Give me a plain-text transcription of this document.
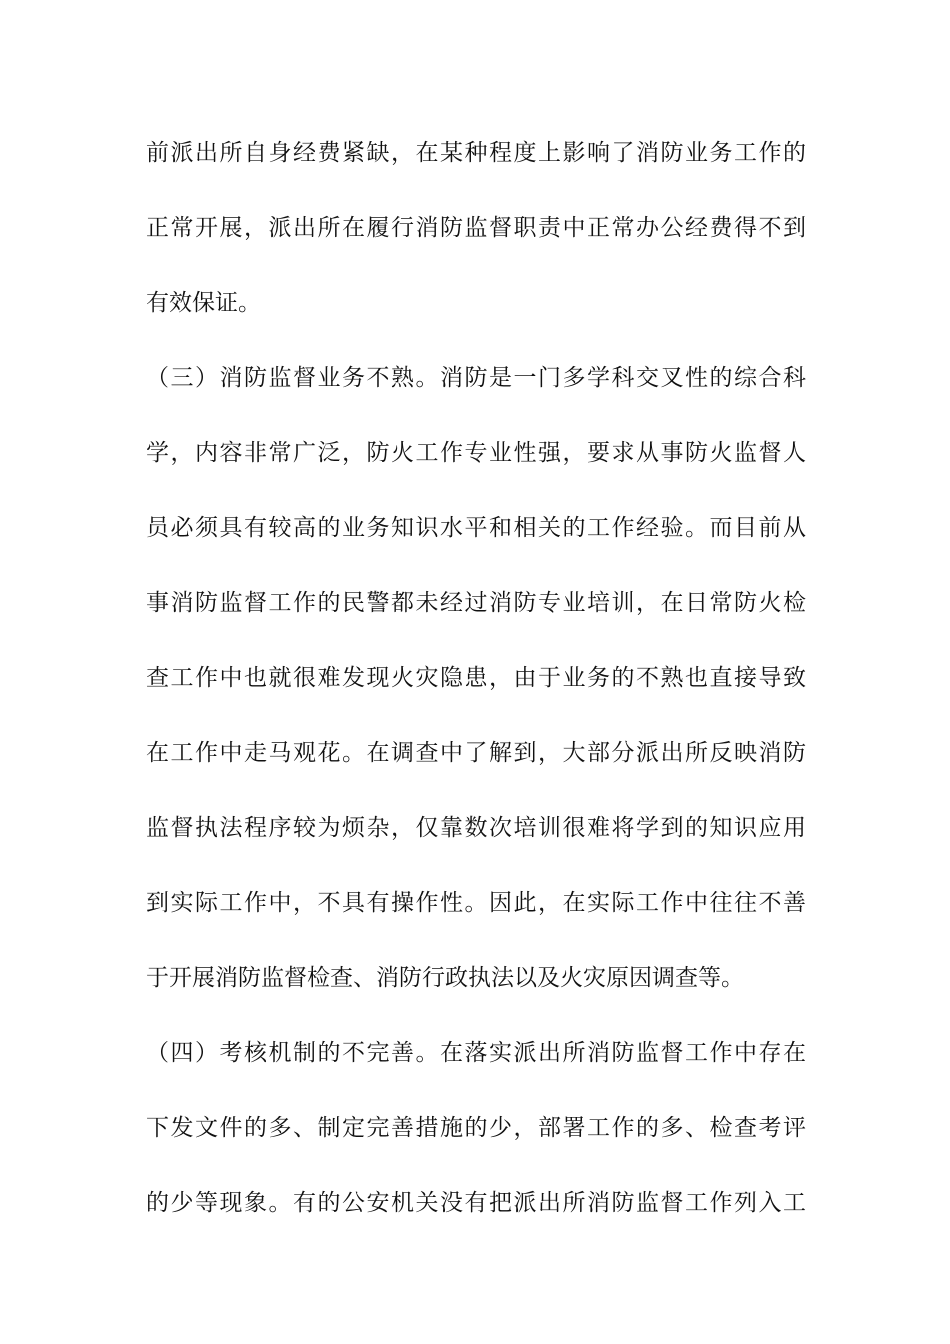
前派出所自身经费紧缺，在某种程度上影响了消防业务工作的
正常开展，派出所在履行消防监督职责中正常办公经费得不到
有效保证。
（三）消防监督业务不熟。消防是一门多学科交叉性的综合科
学，内容非常广泛，防火工作专业性强，要求从事防火监督人
员必须具有较高的业务知识水平和相关的工作经验。而目前从
事消防监督工作的民警都未经过消防专业培训，在日常防火检
查工作中也就很难发现火灾隐患，由于业务的不熟也直接导致
在工作中走马观花。在调查中了解到，大部分派出所反映消防
监督执法程序较为烦杂，仅靠数次培训很难将学到的知识应用
到实际工作中，不具有操作性。因此，在实际工作中往往不善
于开展消防监督检查、消防行政执法以及火灾原因调查等。
（四）考核机制的不完善。在落实派出所消防监督工作中存在
下发文件的多、制定完善措施的少，部署工作的多、检查考评
的少等现象。有的公安机关没有把派出所消防监督工作列入工
